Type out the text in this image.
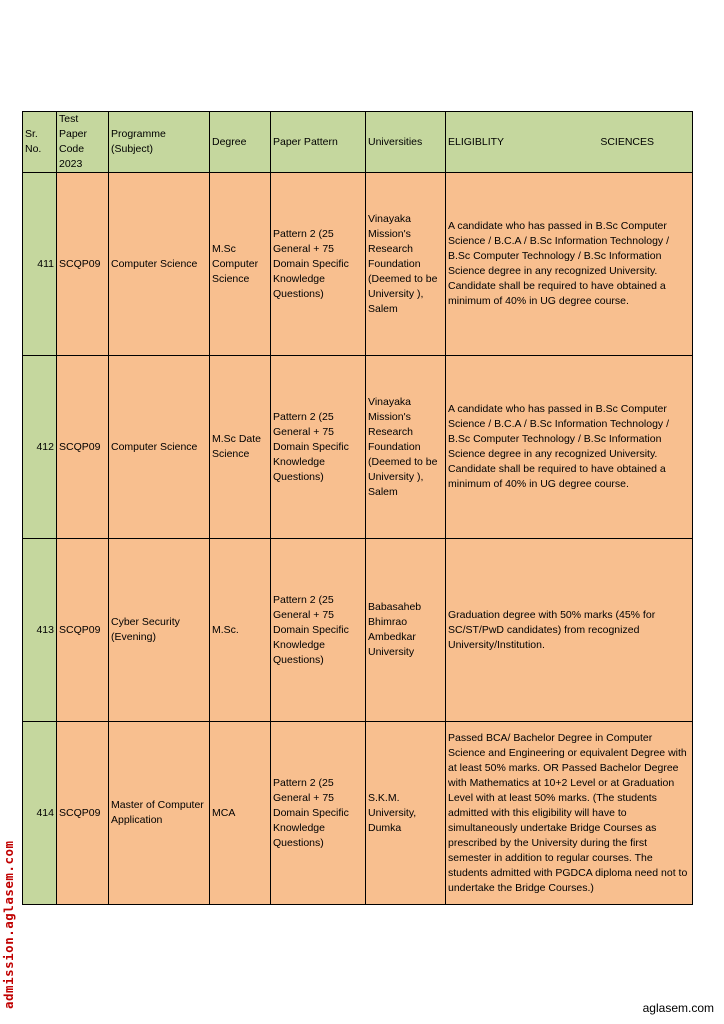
Sr. No.	Test Paper Code 2023	Programme (Subject)	Degree	Paper Pattern	Universities	ELIGIBLITY SCIENCES

411	SCQP09	Computer Science	M.Sc Computer Science	Pattern 2 (25 General + 75 Domain Specific Knowledge Questions)	Vinayaka Mission's Research Foundation (Deemed to be University ), Salem	A candidate who has passed in B.Sc Computer Science / B.C.A / B.Sc Information Technology / B.Sc Computer Technology / B.Sc Information Science degree in any recognized University. Candidate shall be required to have obtained a minimum of 40% in UG degree course.
412	SCQP09	Computer Science	M.Sc Date Science	Pattern 2 (25 General + 75 Domain Specific Knowledge Questions)	Vinayaka Mission's Research Foundation (Deemed to be University ), Salem	A candidate who has passed in B.Sc Computer Science / B.C.A / B.Sc Information Technology / B.Sc Computer Technology / B.Sc Information Science degree in any recognized University. Candidate shall be required to have obtained a minimum of 40% in UG degree course.
413	SCQP09	Cyber Security (Evening)	M.Sc.	Pattern 2 (25 General + 75 Domain Specific Knowledge Questions)	Babasaheb Bhimrao Ambedkar University	Graduation degree with 50% marks (45% for SC/ST/PwD candidates) from recognized University/Institution.
414	SCQP09	Master of Computer Application	MCA	Pattern 2 (25 General + 75 Domain Specific Knowledge Questions)	S.K.M. University, Dumka	Passed BCA/ Bachelor Degree in Computer Science and Engineering or equivalent Degree with at least 50% marks. OR Passed Bachelor Degree with Mathematics at 10+2 Level or at Graduation Level with at least 50% marks. (The students admitted with this eligibility will have to simultaneously undertake Bridge Courses as prescribed by the University during the first semester in addition to regular courses. The students admitted with PGDCA diploma need not to undertake the Bridge Courses.)
admission.aglasem.com	aglasem.com
